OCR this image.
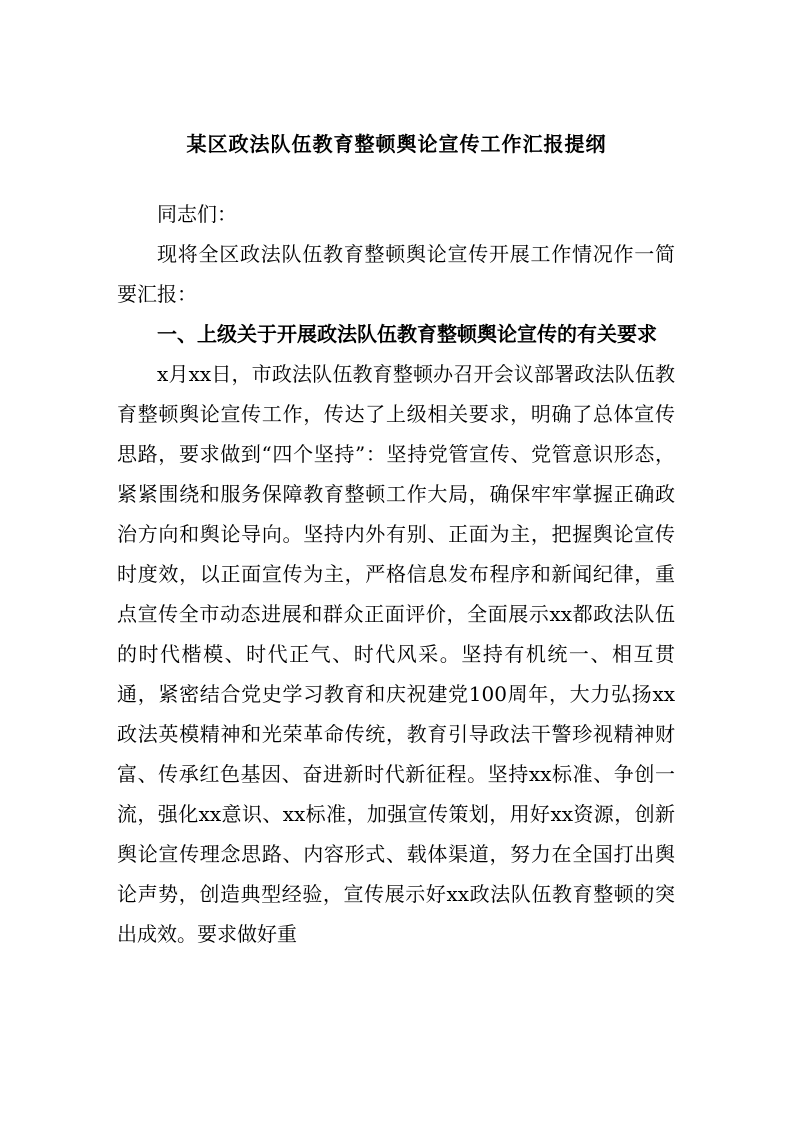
某区政法队伍教育整顿舆论宣传工作汇报提纲

同志们：

现将全区政法队伍教育整顿舆论宣传开展工作情况作一简要汇报：

一、上级关于开展政法队伍教育整顿舆论宣传的有关要求

x月xx日，市政法队伍教育整顿办召开会议部署政法队伍教育整顿舆论宣传工作，传达了上级相关要求，明确了总体宣传思路，要求做到“四个坚持”：坚持党管宣传、党管意识形态，紧紧围绕和服务保障教育整顿工作大局，确保牢牢掌握正确政治方向和舆论导向。坚持内外有别、正面为主，把握舆论宣传时度效，以正面宣传为主，严格信息发布程序和新闻纪律，重点宣传全市动态进展和群众正面评价，全面展示xx都政法队伍的时代楷模、时代正气、时代风采。坚持有机统一、相互贯通，紧密结合党史学习教育和庆祝建党100周年，大力弘扬xx政法英模精神和光荣革命传统，教育引导政法干警珍视精神财富、传承红色基因、奋进新时代新征程。坚持xx标准、争创一流，强化xx意识、xx标准，加强宣传策划，用好xx资源，创新舆论宣传理念思路、内容形式、载体渠道，努力在全国打出舆论声势，创造典型经验，宣传展示好xx政法队伍教育整顿的突出成效。要求做好重
